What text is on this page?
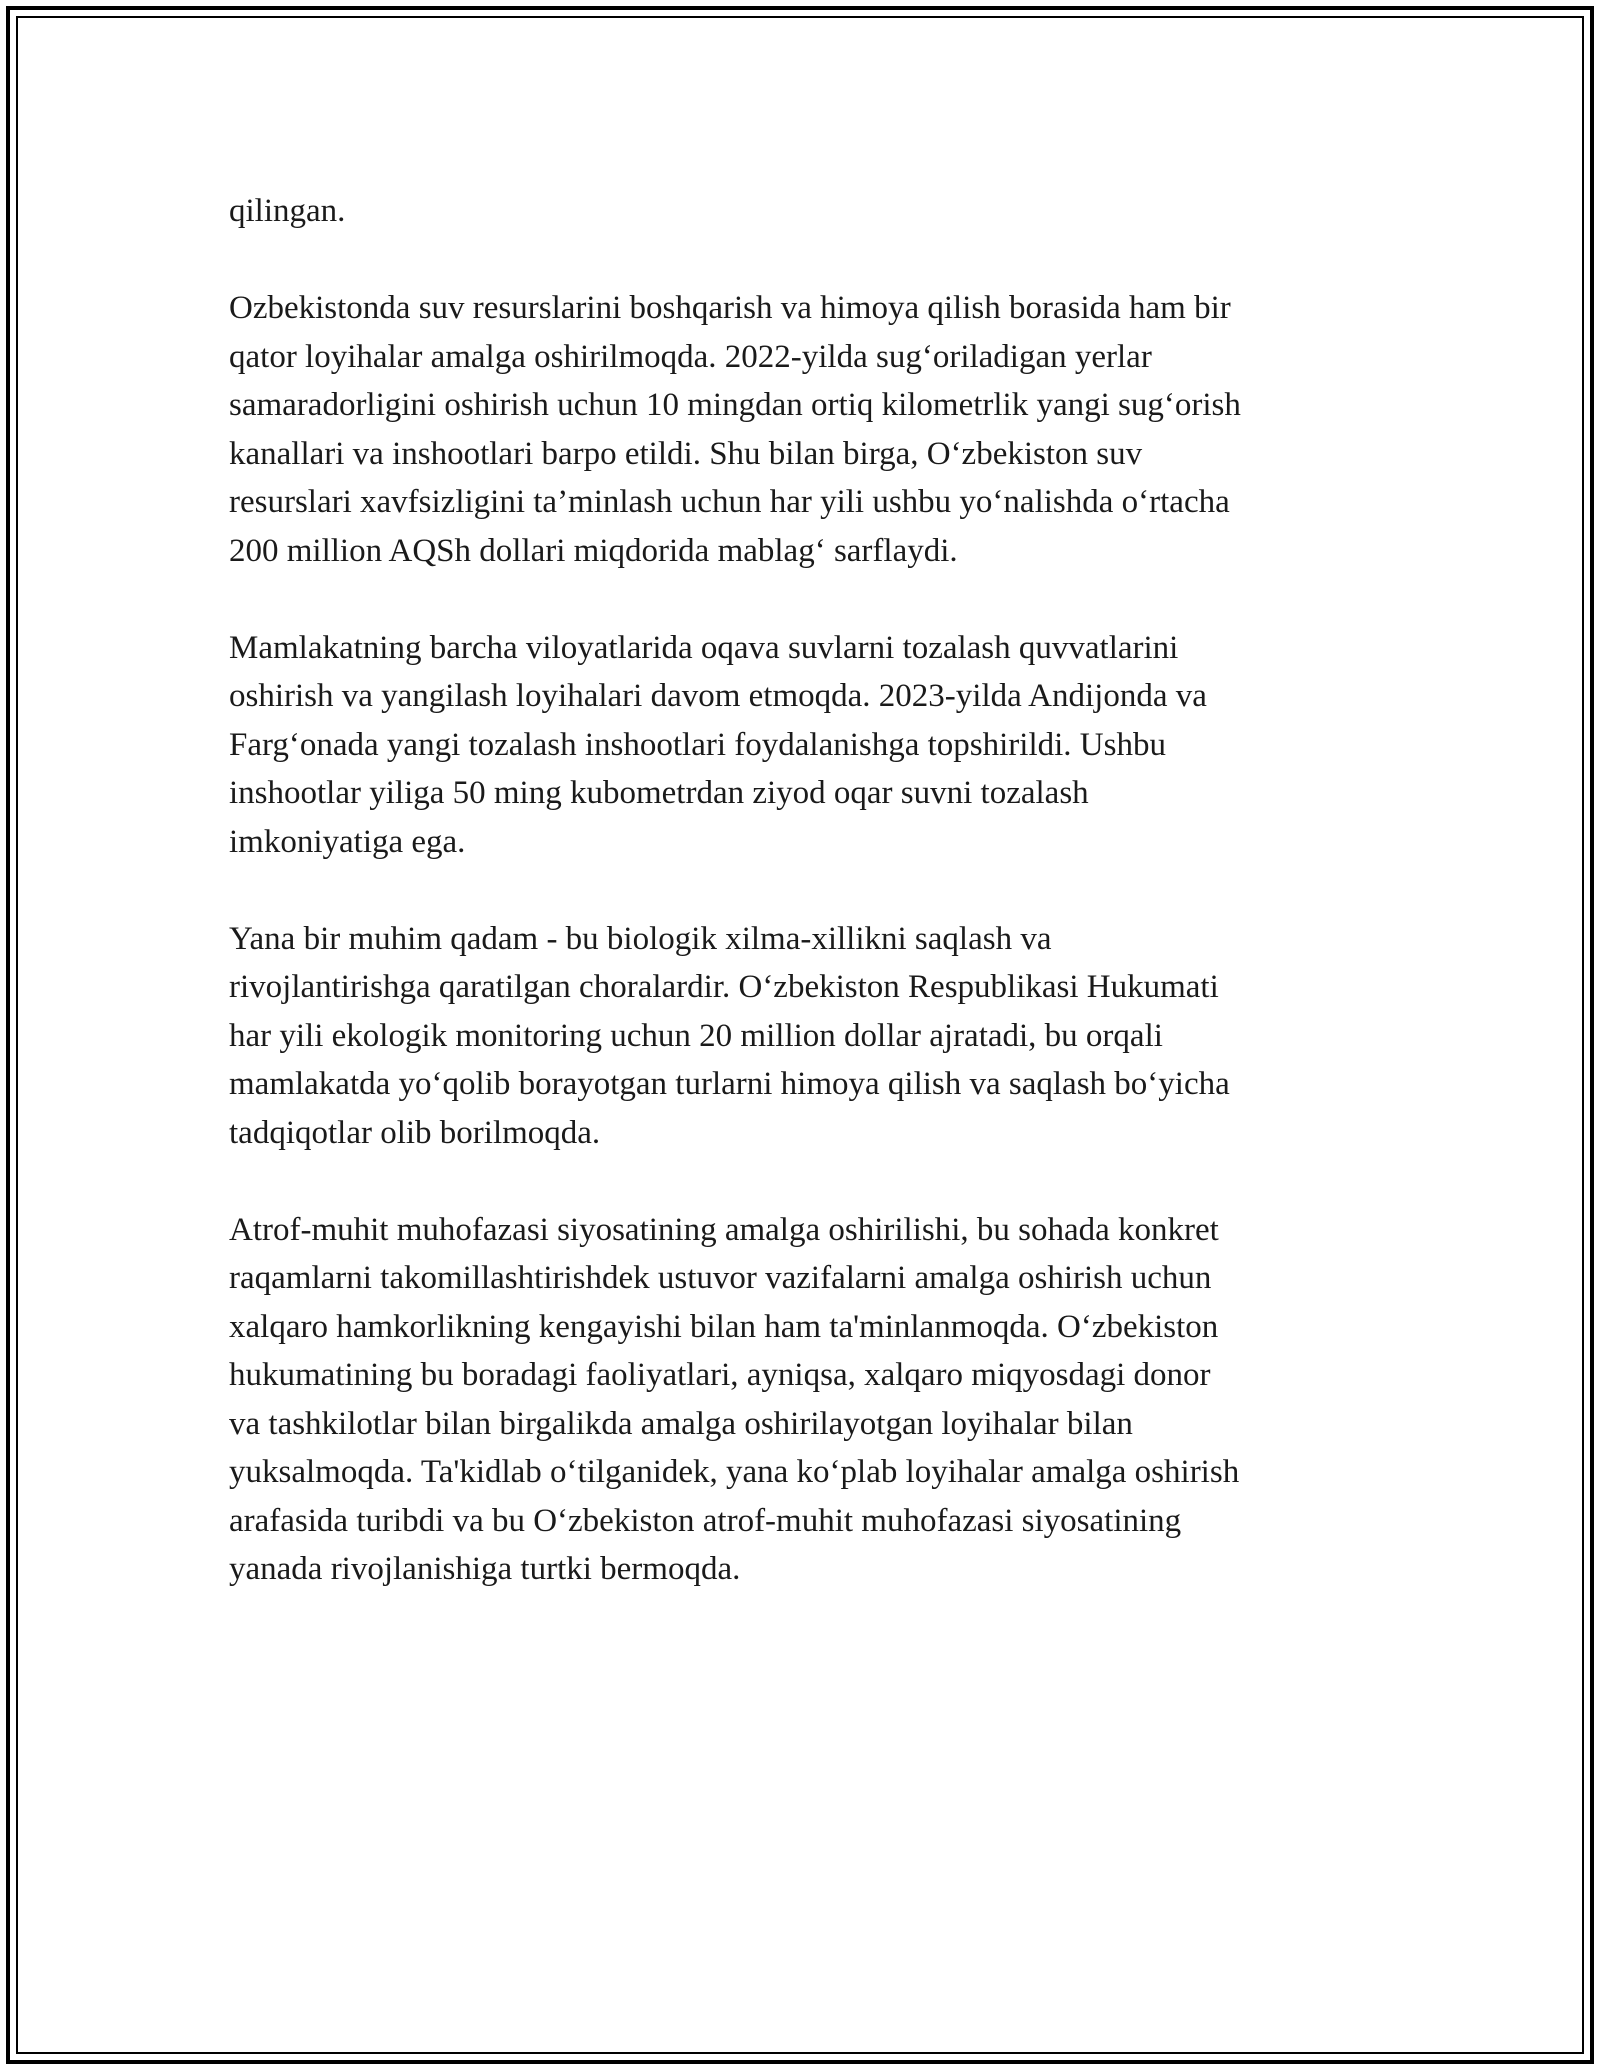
qilingan.

Ozbekistonda suv resurslarini boshqarish va himoya qilish borasida ham bir
qator loyihalar amalga oshirilmoqda. 2022-yilda sug‘oriladigan yerlar
samaradorligini oshirish uchun 10 mingdan ortiq kilometrlik yangi sug‘orish
kanallari va inshootlari barpo etildi. Shu bilan birga, O‘zbekiston suv
resurslari xavfsizligini ta’minlash uchun har yili ushbu yo‘nalishda o‘rtacha
200 million AQSh dollari miqdorida mablag‘ sarflaydi.

Mamlakatning barcha viloyatlarida oqava suvlarni tozalash quvvatlarini
oshirish va yangilash loyihalari davom etmoqda. 2023-yilda Andijonda va
Farg‘onada yangi tozalash inshootlari foydalanishga topshirildi. Ushbu
inshootlar yiliga 50 ming kubometrdan ziyod oqar suvni tozalash
imkoniyatiga ega.

Yana bir muhim qadam - bu biologik xilma-xillikni saqlash va
rivojlantirishga qaratilgan choralardir. O‘zbekiston Respublikasi Hukumati
har yili ekologik monitoring uchun 20 million dollar ajratadi, bu orqali
mamlakatda yo‘qolib borayotgan turlarni himoya qilish va saqlash bo‘yicha
tadqiqotlar olib borilmoqda.

Atrof-muhit muhofazasi siyosatining amalga oshirilishi, bu sohada konkret
raqamlarni takomillashtirishdek ustuvor vazifalarni amalga oshirish uchun
xalqaro hamkorlikning kengayishi bilan ham ta'minlanmoqda. O‘zbekiston
hukumatining bu boradagi faoliyatlari, ayniqsa, xalqaro miqyosdagi donor
va tashkilotlar bilan birgalikda amalga oshirilayotgan loyihalar bilan
yuksalmoqda. Ta'kidlab o‘tilganidek, yana ko‘plab loyihalar amalga oshirish
arafasida turibdi va bu O‘zbekiston atrof-muhit muhofazasi siyosatining
yanada rivojlanishiga turtki bermoqda.
